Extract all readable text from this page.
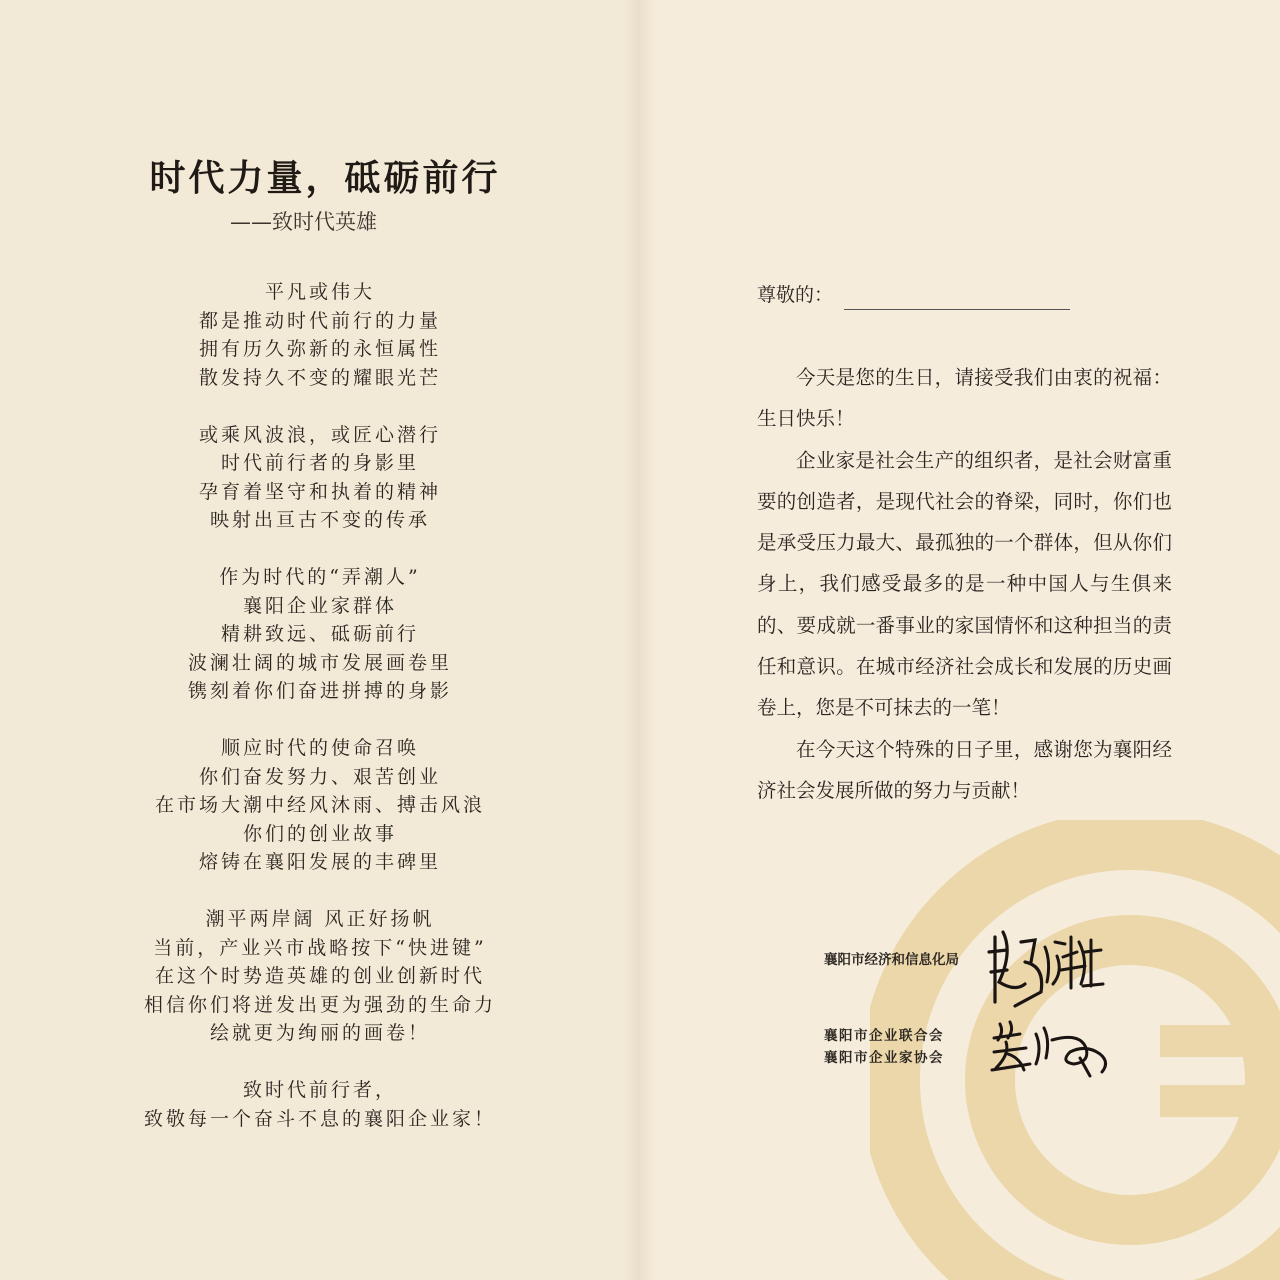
尊敬的：

今天是您的生日，请接受我们由衷的祝福：生日快乐！

企业家是社会生产的组织者，是社会财富重要的创造者，是现代社会的脊梁，同时，你们也是承受压力最大、最孤独的一个群体，但从你们身上，我们感受最多的是一种中国人与生俱来的、要成就一番事业的家国情怀和这种担当的责任和意识。在城市经济社会成长和发展的历史画卷上，您是不可抹去的一笔！

在今天这个特殊的日子里，感谢您为襄阳经济社会发展所做的努力与贡献！

襄阳市经济和信息化局
襄阳市企业联合会
襄阳市企业家协会
时代力量，砥砺前行
——致时代英雄
平凡或伟大
都是推动时代前行的力量
拥有历久弥新的永恒属性
散发持久不变的耀眼光芒
或乘风波浪，或匠心潜行
时代前行者的身影里
孕育着坚守和执着的精神
映射出亘古不变的传承
作为时代的“弄潮人”
襄阳企业家群体
精耕致远、砥砺前行
波澜壮阔的城市发展画卷里
镌刻着你们奋进拼搏的身影
顺应时代的使命召唤
你们奋发努力、艰苦创业
在市场大潮中经风沐雨、搏击风浪
你们的创业故事
熔铸在襄阳发展的丰碑里
潮平两岸阔 风正好扬帆
当前，产业兴市战略按下“快进键”
在这个时势造英雄的创业创新时代
相信你们将迸发出更为强劲的生命力
绘就更为绚丽的画卷！
致时代前行者，
致敬每一个奋斗不息的襄阳企业家！
